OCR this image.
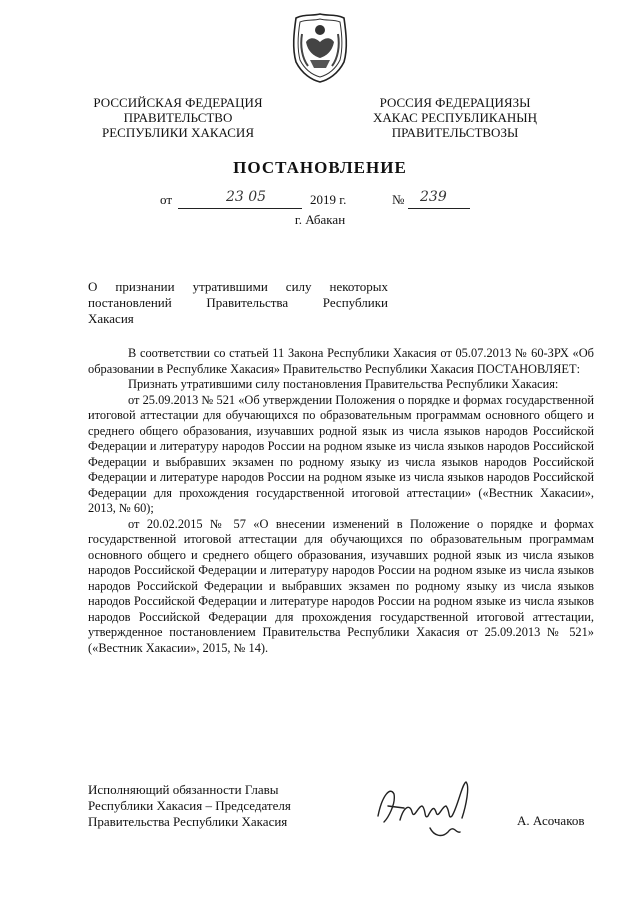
РОССИЙСКАЯ ФЕДЕРАЦИЯ
ПРАВИТЕЛЬСТВО
РЕСПУБЛИКИ ХАКАСИЯ
РОССИЯ ФЕДЕРАЦИЯЗЫ
ХАКАС РЕСПУБЛИКАНЫҢ
ПРАВИТЕЛЬСТВОЗЫ
ПОСТАНОВЛЕНИЕ
от	23 05	2019 г.	№ 239
г. Абакан
О признании утратившими силу некоторых
постановлений Правительства Республики
Хакасия

В соответствии со статьей 11 Закона Республики Хакасия от 05.07.2013 № 60-ЗРХ «Об образовании в Республике Хакасия» Правительство Республики Хакасия ПОСТАНОВЛЯЕТ:

Признать утратившими силу постановления Правительства Республики Хакасия:

от 25.09.2013 № 521 «Об утверждении Положения о порядке и формах государственной итоговой аттестации для обучающихся по образовательным программам основного общего и среднего общего образования, изучавших родной язык из числа языков народов Российской Федерации и литературу народов России на родном языке из числа языков народов Российской Федерации и выбравших экзамен по родному языку из числа языков народов Российской Федерации и литературе народов России на родном языке из числа языков народов Российской Федерации для прохождения государственной итоговой аттестации» («Вестник Хакасии», 2013, № 60);

от 20.02.2015 № 57 «О внесении изменений в Положение о порядке и формах государственной итоговой аттестации для обучающихся по образовательным программам основного общего и среднего общего образования, изучавших родной язык из числа языков народов Российской Федерации и литературу народов России на родном языке из числа языков народов Российской Федерации и выбравших экзамен по родному языку из числа языков народов Российской Федерации и литературе народов России на родном языке из числа языков народов Российской Федерации для прохождения государственной итоговой аттестации, утвержденное постановлением Правительства Республики Хакасия от 25.09.2013 № 521» («Вестник Хакасии», 2015, № 14).

Исполняющий обязанности Главы
Республики Хакасия – Председателя
Правительства Республики Хакасия	А. Асочаков
